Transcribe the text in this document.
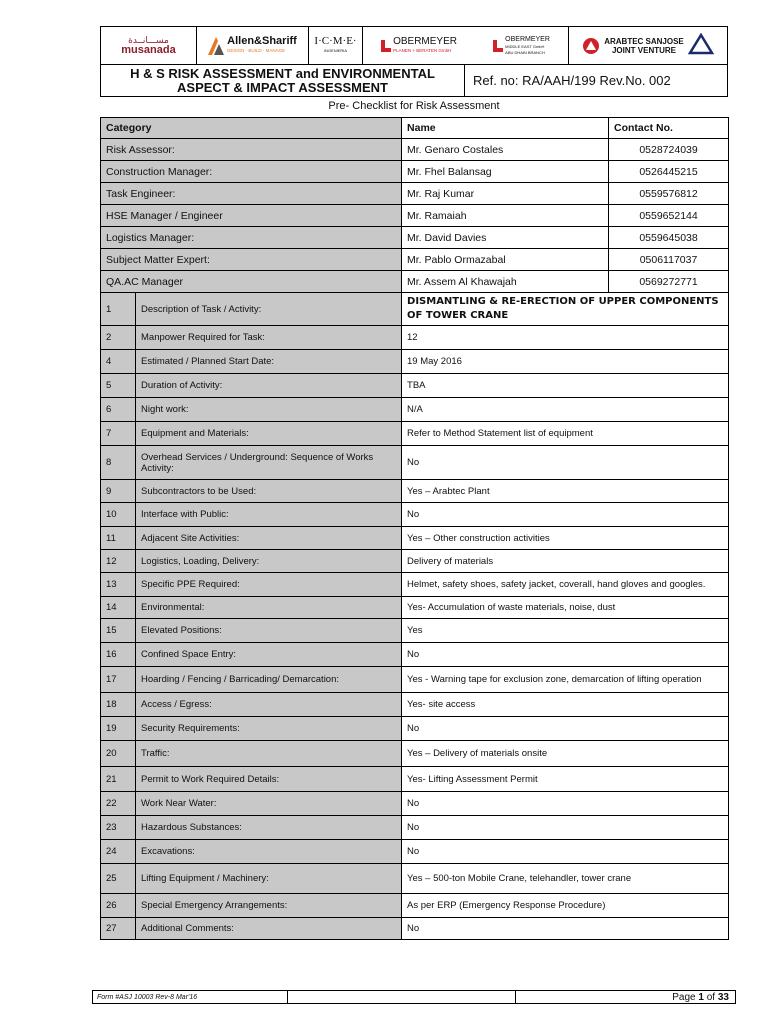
مســـانــدة
musanada
Allen&Shariff
DESIGN · BUILD · MANAGE
I·C·M·E·
INGENIERIA
OBERMEYER
PLANEN + BERATEN GmbH
OBERMEYER
MIDDLE EAST GmbH
ABU DHABI BRANCH
ARABTEC SANJOSE
JOINT VENTURE
H & S RISK ASSESSMENT and ENVIRONMENTAL
ASPECT & IMPACT ASSESSMENT	Ref. no: RA/AAH/199 Rev.No. 002
Pre- Checklist for Risk Assessment
Category		Name	Contact No.
Risk Assessor:		Mr. Genaro Costales	0528724039
Construction Manager:		Mr. Fhel Balansag	0526445215
Task Engineer:		Mr. Raj Kumar	0559576812
HSE Manager / Engineer		Mr. Ramaiah	0559652144
Logistics Manager:		Mr. David Davies	0559645038
Subject Matter Expert:		Mr. Pablo Ormazabal	0506117037
QA.AC Manager		Mr. Assem Al Khawajah	0569272771
1	Description of Task / Activity:	DISMANTLING & RE-ERECTION OF UPPER COMPONENTS OF TOWER CRANE	
2	Manpower Required for Task:	12	
4	Estimated / Planned Start Date:	19 May 2016	
5	Duration of Activity:	TBA	
6	Night work:	N/A	
7	Equipment and Materials:	Refer to Method Statement list of equipment	
8	Overhead Services / Underground: Sequence of Works Activity:	No	
9	Subcontractors to be Used:	Yes – Arabtec Plant	
10	Interface with Public:	No	
11	Adjacent Site Activities:	Yes – Other construction activities	
12	Logistics, Loading, Delivery:	Delivery of materials	
13	Specific PPE Required:	Helmet, safety shoes, safety jacket, coverall, hand gloves and googles.	
14	Environmental:	Yes- Accumulation of waste materials, noise, dust	
15	Elevated Positions:	Yes	
16	Confined Space Entry:	No	
17	Hoarding / Fencing / Barricading/ Demarcation:	Yes - Warning tape for exclusion zone, demarcation of lifting operation	
18	Access / Egress:	Yes- site access	
19	Security Requirements:	No	
20	Traffic:	Yes – Delivery of materials onsite	
21	Permit to Work Required Details:	Yes- Lifting Assessment Permit	
22	Work Near Water:	No	
23	Hazardous Substances:	No	
24	Excavations:	No	
25	Lifting Equipment / Machinery:	Yes – 500-ton Mobile Crane, telehandler, tower crane	
26	Special Emergency Arrangements:	As per ERP (Emergency Response Procedure)	
27	Additional Comments:	No	
Form #ASJ 10003 Rev-8 Mar'16	Page
1
of
33
